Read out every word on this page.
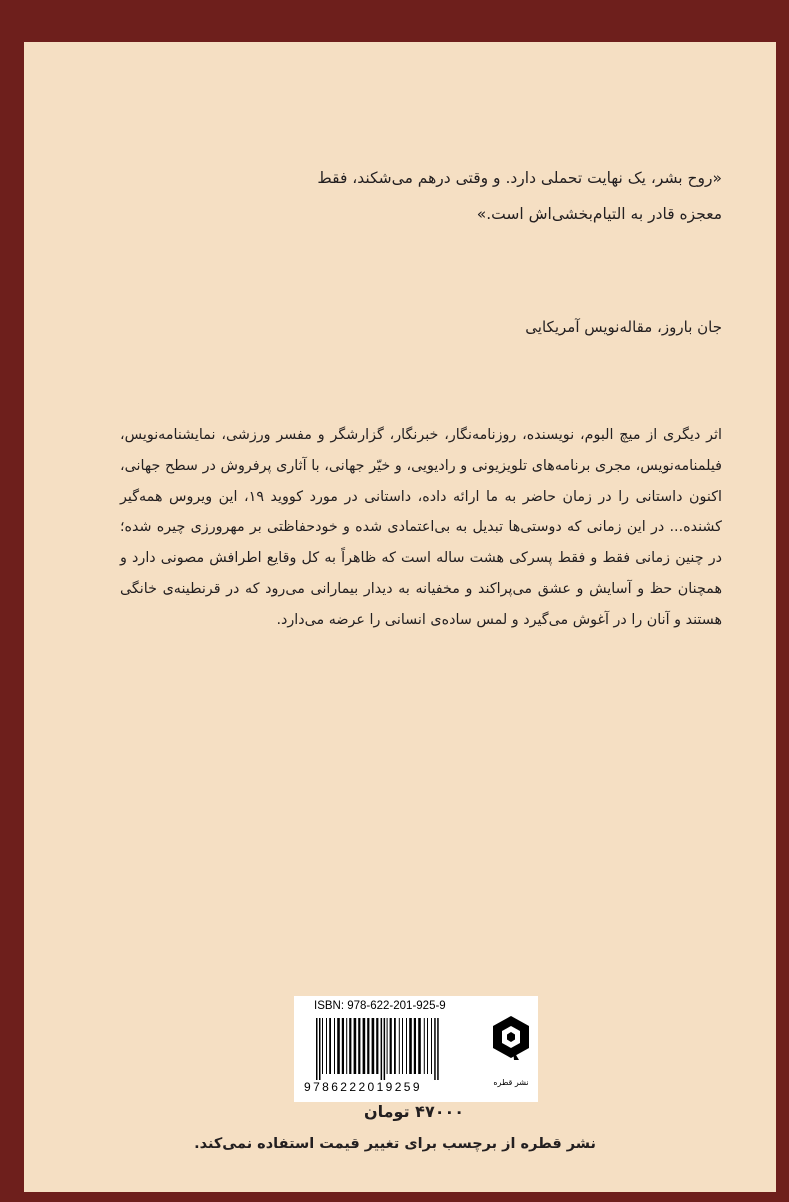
«روح بشر، یک نهایت تحملی دارد. و وقتی درهم می‌شکند، فقط
معجزه قادر به التیام‌بخشی‌اش است.»
جان باروز، مقاله‌نویس آمریکایی
اثر دیگری از میچ البوم، نویسنده، روزنامه‌نگار، خبرنگار، گزارشگر و مفسر ورزشی، نمایشنامه‌نویس، فیلمنامه‌نویس، مجری برنامه‌های تلویزیونی و رادیویی، و خیّر جهانی، با آثاری پرفروش در سطح جهانی، اکنون داستانی را در زمان حاضر به ما ارائه داده، داستانی در مورد کووید ۱۹، این ویروس همه‌گیر کشنده... در این زمانی که دوستی‌ها تبدیل به بی‌اعتمادی شده و خودحفاظتی بر مهرورزی چیره شده؛ در چنین زمانی فقط و فقط پسرکی هشت ساله است که ظاهراً به کل وقایع اطرافش مصونی دارد و همچنان حظ و آسایش و عشق می‌پراکند و مخفیانه به دیدار بیمارانی می‌رود که در قرنطینه‌ی خانگی هستند و آنان را در آغوش می‌گیرد و لمس ساده‌ی انسانی را عرضه می‌دارد.
ISBN: 978-622-201-925-9
9786222019259	نشر قطره
۴۷۰۰۰ تومان
نشر قطره از برچسب برای تغییر قیمت استفاده نمی‌کند.
